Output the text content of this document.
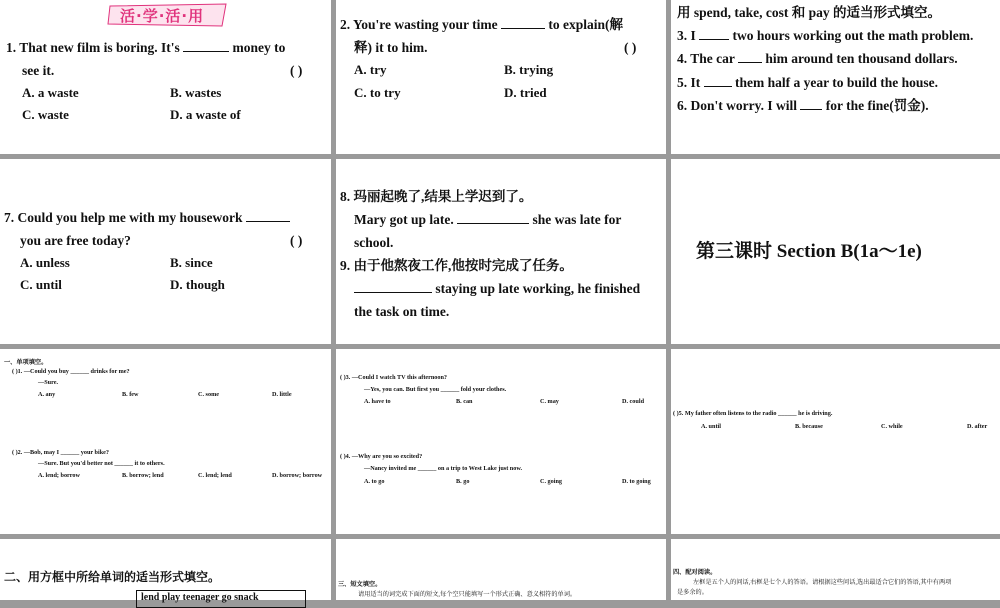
活·学·活·用
1. That new film is boring. It's	money to
see it.	( )
A. a waste	B. wastes
C. waste	D. a waste of
2. You're wasting your time	to explain(解
释) it to him.	( )
A. try	B. trying
C. to try	D. tried
用 spend, take, cost 和 pay 的适当形式填空。
3. I	two hours working out the math problem.
4. The car him around ten thousand dollars.
5. It	them half a year to build the house.
6. Don't worry. I will for the fine(罚金).
7. Could you help me with my housework
you are free today?	( )
A. unless	B. since
C. until	D. though
8. 玛丽起晚了,结果上学迟到了。
Mary got up late.	she was late for
school.
9. 由于他熬夜工作,他按时完成了任务。
staying up late working, he finished
the task on time.
第三课时 Section B(1a～1e)
一、单项填空。
( )1. —Could you buy ______ drinks for me?
—Sure.
A. any	B. few	C. some	D. little
( )2. —Bob, may I ______ your bike?
—Sure. But you'd better not ______ it to others.
A. lend; borrow	B. borrow; lend	C. lend; lend	D. borrow; borrow
( )3. —Could I watch TV this afternoon?
—Yes, you can. But first you ______ fold your clothes.
A. have to	B. can	C. may	D. could
( )4. —Why are you so excited?
—Nancy invited me ______ on a trip to West Lake just now.
A. to go	B. go	C. going	D. to going
( )5. My father often listens to the radio ______ he is driving.
A. until	B. because	C. while	D. after
二、用方框中所给单词的适当形式填空。
lend play teenager go snack
三、短文填空。
请用适当的词完成下面的短文,每个空只能填写一个形式正确、意义相符的单词。
四、配对阅读。
左框是五个人的问话,右框是七个人的答语。请根据这些问话,选出最适合它们的答语,其中有两项
是多余的。
